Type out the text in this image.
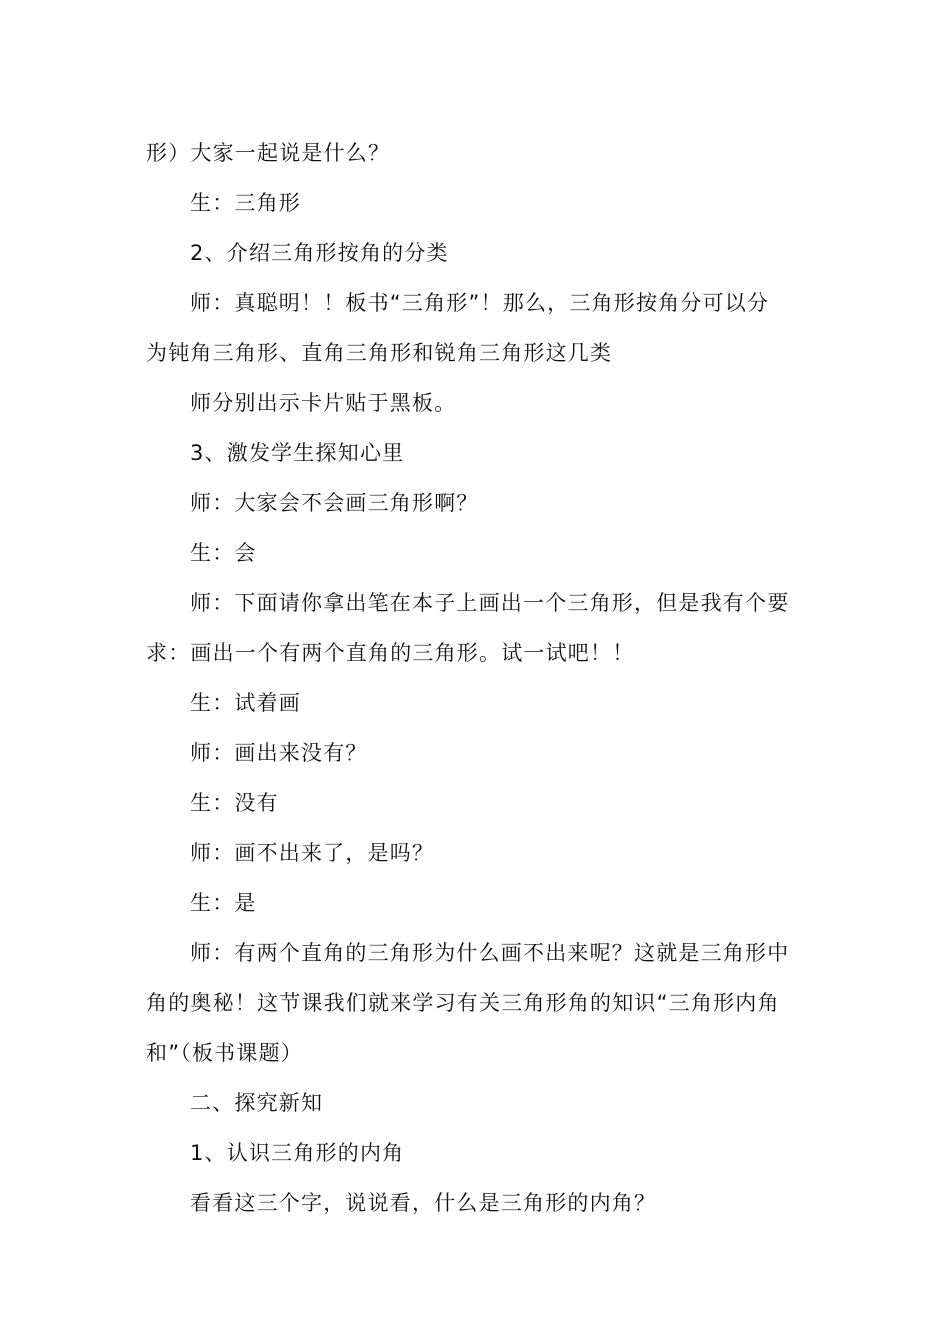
形）大家一起说是什么？
生：三角形
2、介绍三角形按角的分类
师：真聪明！！板书“三角形”！那么，三角形按角分可以分
为钝角三角形、直角三角形和锐角三角形这几类
师分别出示卡片贴于黑板。
3、激发学生探知心里
师：大家会不会画三角形啊？
生：会
师：下面请你拿出笔在本子上画出一个三角形，但是我有个要
求：画出一个有两个直角的三角形。试一试吧！！
生：试着画
师：画出来没有？
生：没有
师：画不出来了，是吗？
生：是
师：有两个直角的三角形为什么画不出来呢？这就是三角形中
角的奥秘！这节课我们就来学习有关三角形角的知识“三角形内角
和”（板书课题）
二、探究新知
1、认识三角形的内角
看看这三个字，说说看，什么是三角形的内角？
